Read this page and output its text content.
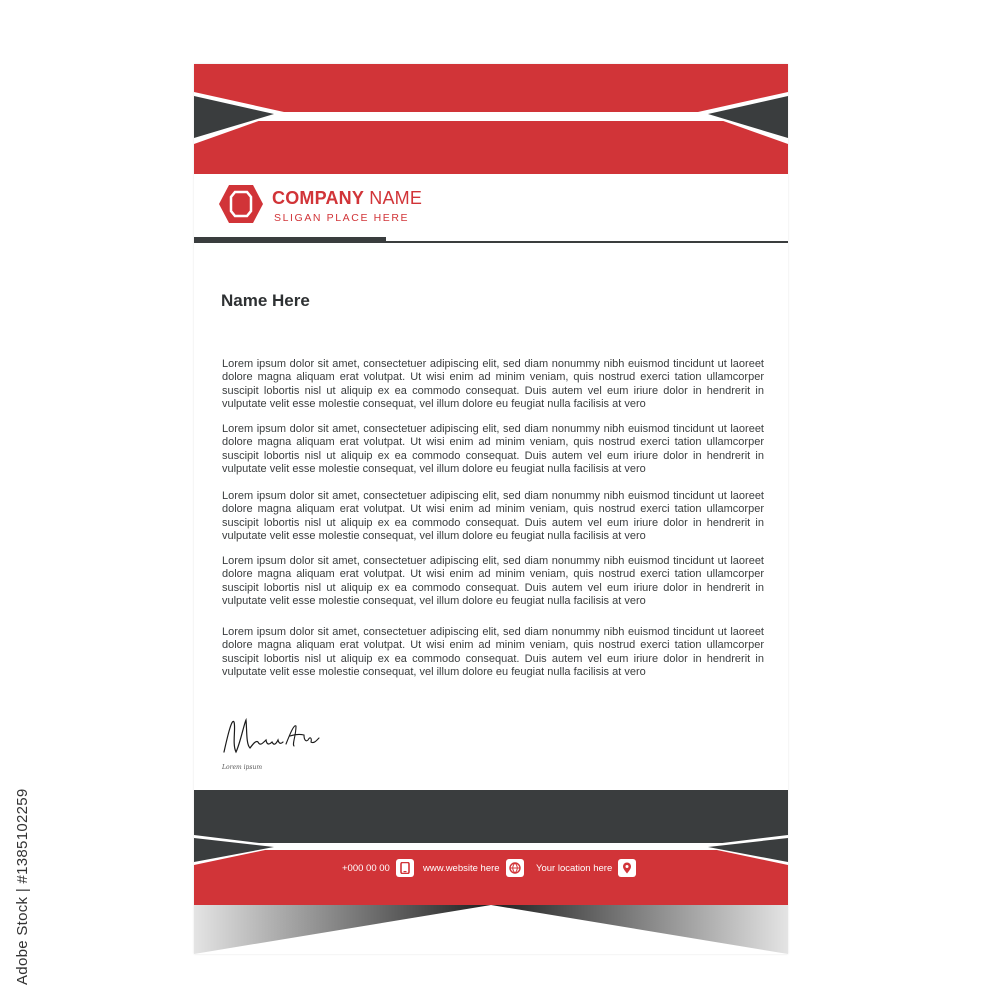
COMPANY NAME
SLIGAN PLACE HERE
Name Here
Lorem ipsum dolor sit amet, consectetuer adipiscing elit, sed diam nonummy nibh euismod tincidunt ut laoreet dolore magna aliquam erat volutpat. Ut wisi enim ad minim veniam, quis nostrud exerci tation ullamcorper suscipit lobortis nisl ut aliquip ex ea commodo consequat. Duis autem vel eum iriure dolor in hendrerit in vulputate velit esse molestie consequat, vel illum dolore eu feugiat nulla facilisis at vero
Lorem ipsum dolor sit amet, consectetuer adipiscing elit, sed diam nonummy nibh euismod tincidunt ut laoreet dolore magna aliquam erat volutpat. Ut wisi enim ad minim veniam, quis nostrud exerci tation ullamcorper suscipit lobortis nisl ut aliquip ex ea commodo consequat. Duis autem vel eum iriure dolor in hendrerit in vulputate velit esse molestie consequat, vel illum dolore eu feugiat nulla facilisis at vero
Lorem ipsum dolor sit amet, consectetuer adipiscing elit, sed diam nonummy nibh euismod tincidunt ut laoreet dolore magna aliquam erat volutpat. Ut wisi enim ad minim veniam, quis nostrud exerci tation ullamcorper suscipit lobortis nisl ut aliquip ex ea commodo consequat. Duis autem vel eum iriure dolor in hendrerit in vulputate velit esse molestie consequat, vel illum dolore eu feugiat nulla facilisis at vero
Lorem ipsum dolor sit amet, consectetuer adipiscing elit, sed diam nonummy nibh euismod tincidunt ut laoreet dolore magna aliquam erat volutpat. Ut wisi enim ad minim veniam, quis nostrud exerci tation ullamcorper suscipit lobortis nisl ut aliquip ex ea commodo consequat. Duis autem vel eum iriure dolor in hendrerit in vulputate velit esse molestie consequat, vel illum dolore eu feugiat nulla facilisis at vero
Lorem ipsum dolor sit amet, consectetuer adipiscing elit, sed diam nonummy nibh euismod tincidunt ut laoreet dolore magna aliquam erat volutpat. Ut wisi enim ad minim veniam, quis nostrud exerci tation ullamcorper suscipit lobortis nisl ut aliquip ex ea commodo consequat. Duis autem vel eum iriure dolor in hendrerit in vulputate velit esse molestie consequat, vel illum dolore eu feugiat nulla facilisis at vero
Lorem ipsum
+000 00 00	www.website here	Your location here
Adobe Stock | #1385102259
